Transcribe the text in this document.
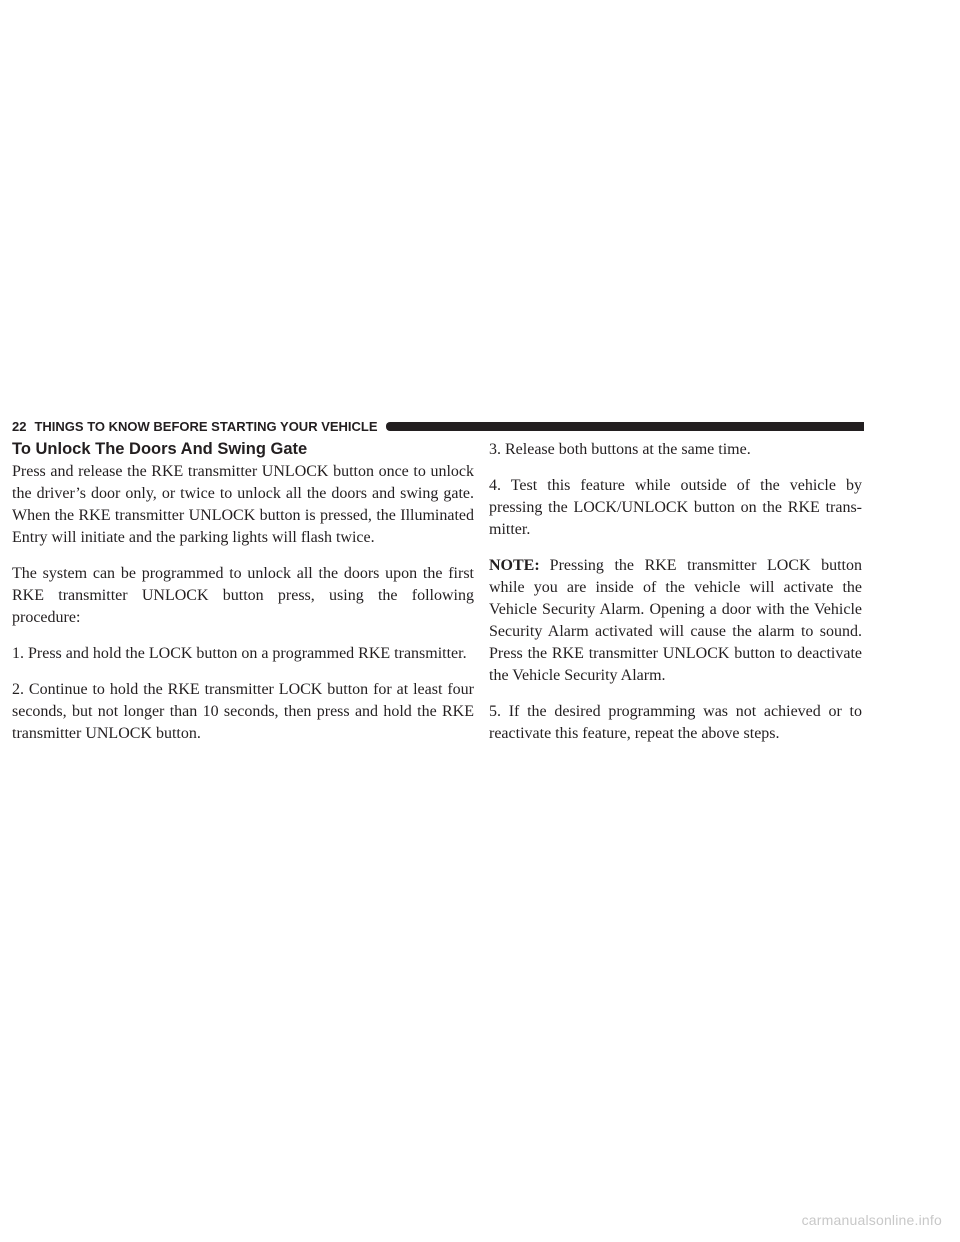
22 THINGS TO KNOW BEFORE STARTING YOUR VEHICLE
To Unlock The Doors And Swing Gate

Press and release the RKE transmitter UNLOCK button once to unlock the driver’s door only, or twice to unlock all the doors and swing gate. When the RKE transmitter UNLOCK button is pressed, the Illuminated Entry will initiate and the parking lights will flash twice.

The system can be programmed to unlock all the doors upon the first RKE transmitter UNLOCK button press, using the following procedure:

1. Press and hold the LOCK button on a programmed RKE transmitter.

2. Continue to hold the RKE transmitter LOCK button for at least four seconds, but not longer than 10 seconds, then press and hold the RKE transmitter UNLOCK button.

3. Release both buttons at the same time.

4. Test this feature while outside of the vehicle by pressing the LOCK/UNLOCK button on the RKE trans-mitter.

NOTE: Pressing the RKE transmitter LOCK button while you are inside of the vehicle will activate the Vehicle Security Alarm. Opening a door with the Vehicle Security Alarm activated will cause the alarm to sound. Press the RKE transmitter UNLOCK button to deactivate the Vehicle Security Alarm.

5. If the desired programming was not achieved or to reactivate this feature, repeat the above steps.

carmanualsonline.info
